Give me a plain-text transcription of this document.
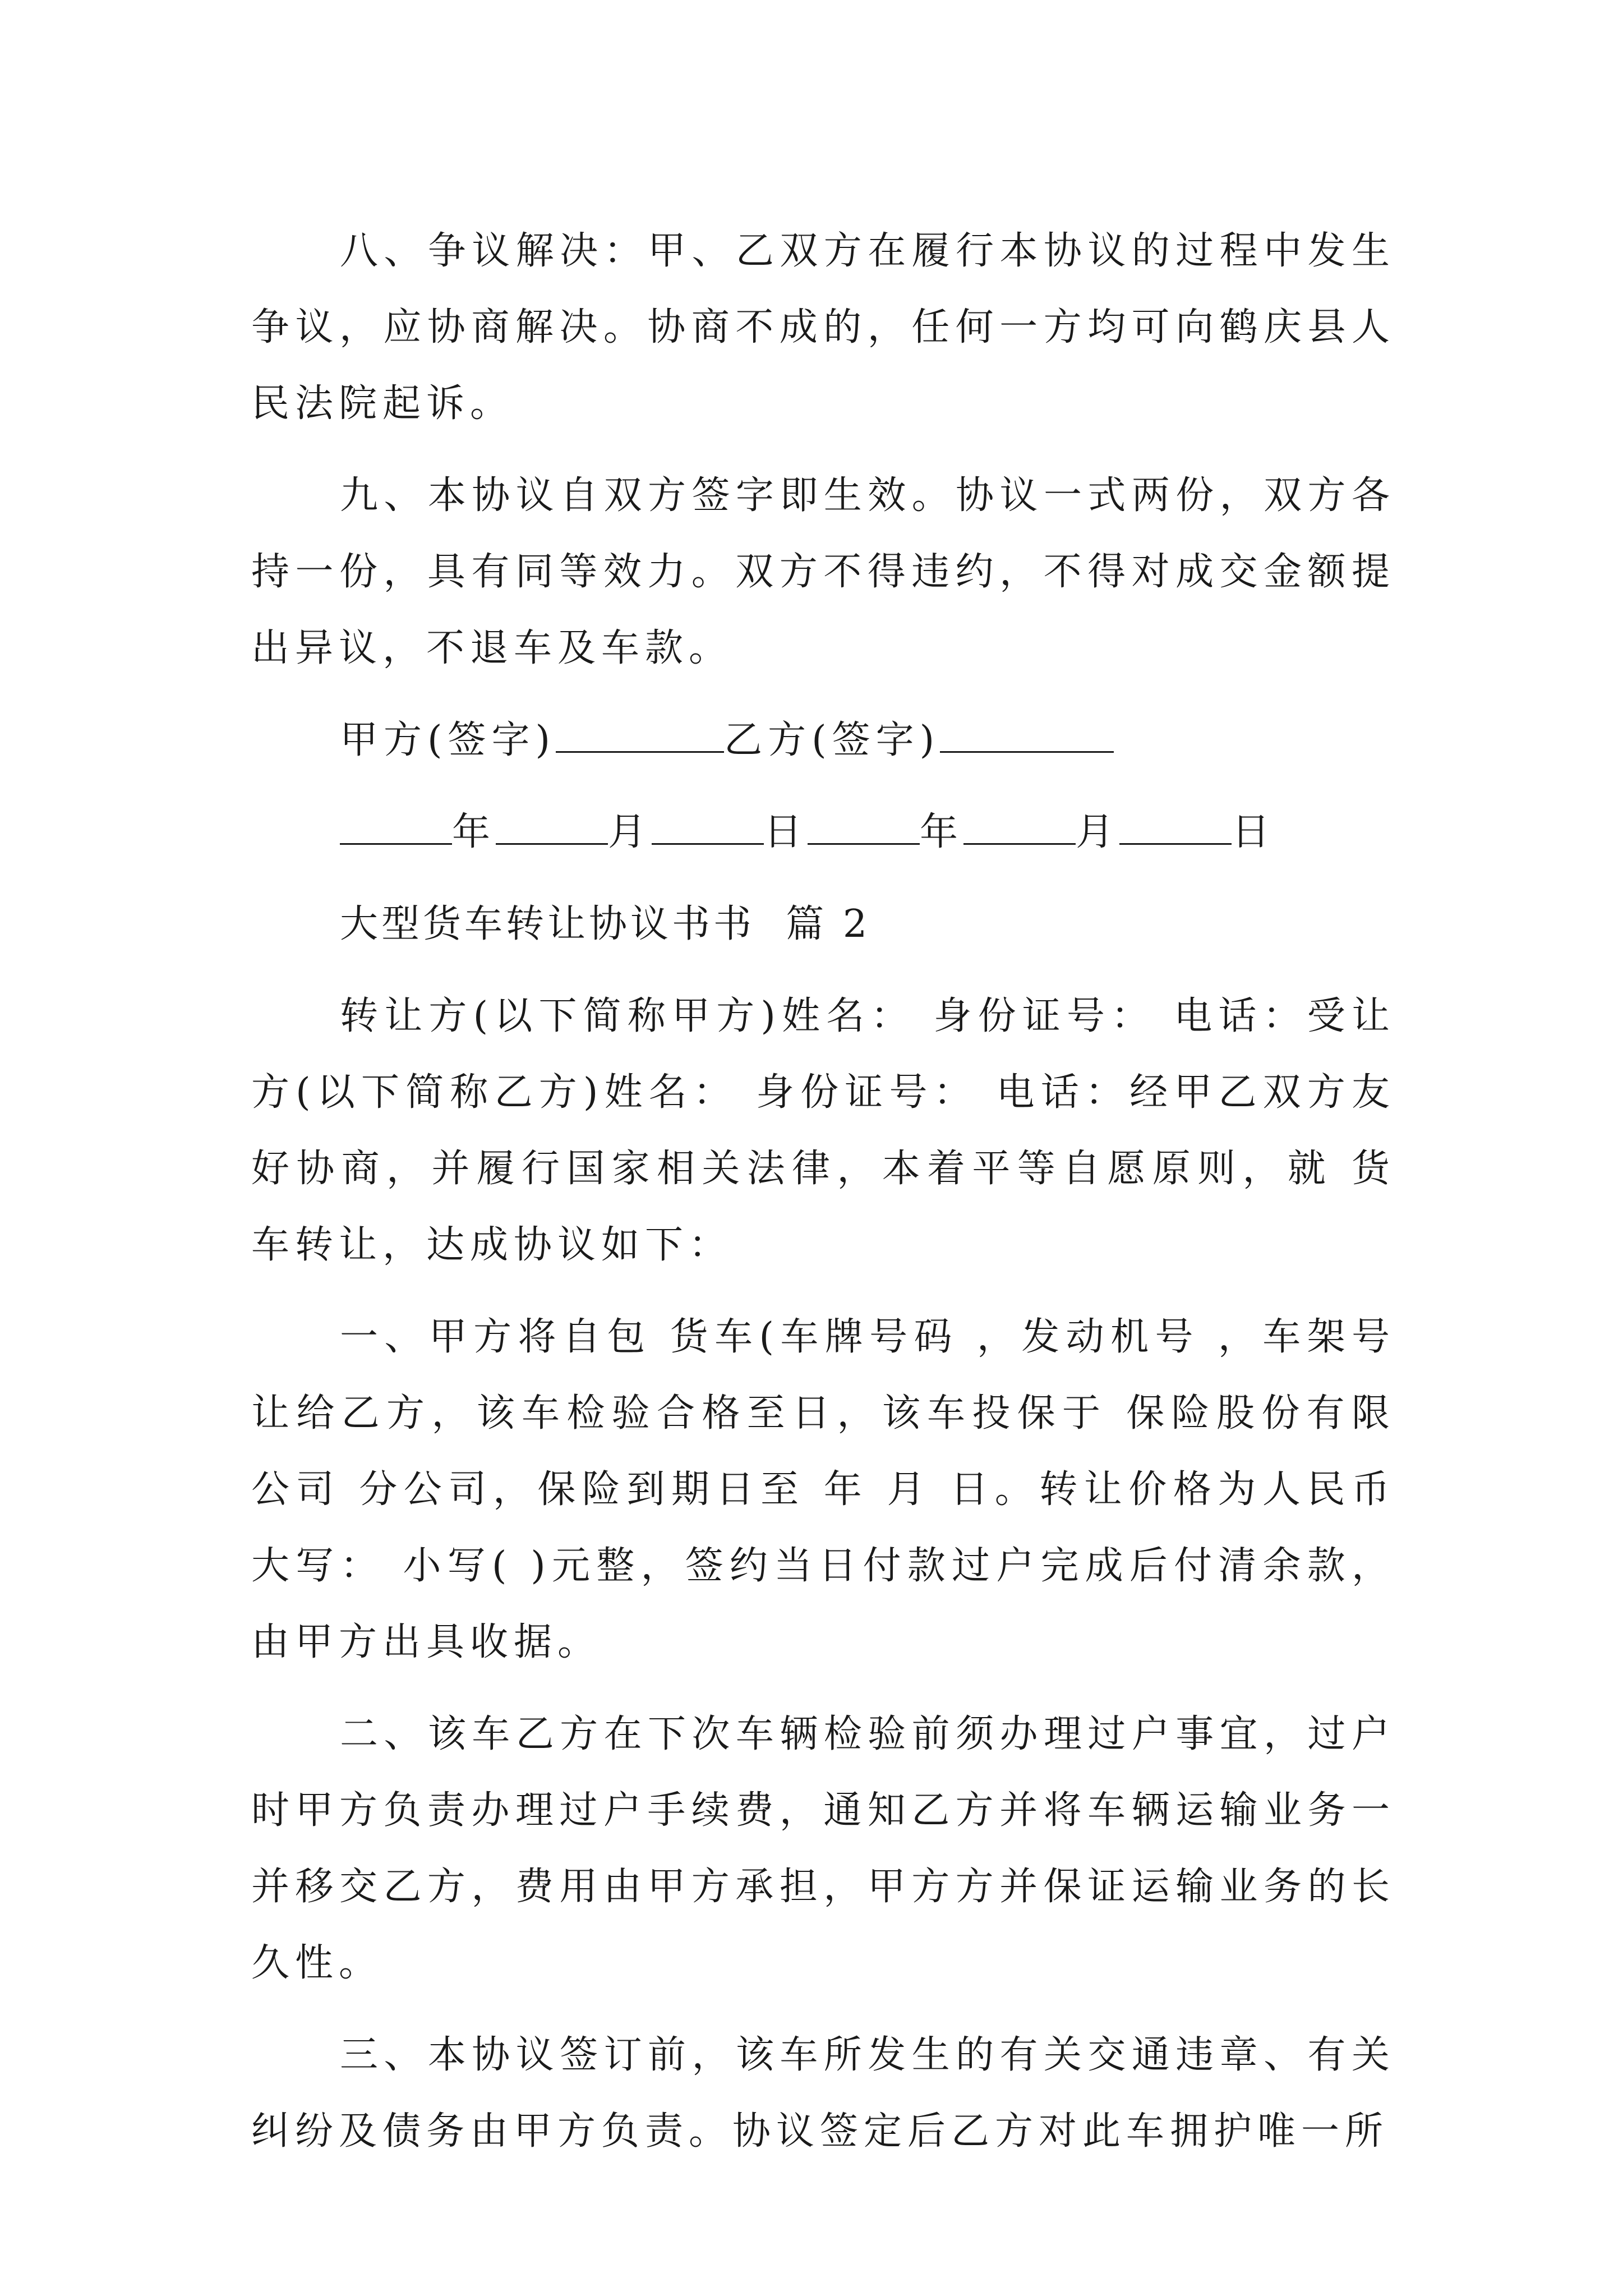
八、争议解决：甲、乙双方在履行本协议的过程中发生争议，应协商解决。协商不成的，任何一方均可向鹤庆县人民法院起诉。

九、本协议自双方签字即生效。协议一式两份，双方各持一份，具有同等效力。双方不得违约，不得对成交金额提出异议，不退车及车款。

甲方(签字)	乙方(签字)
年	月	日	年	月	日
大型货车转让协议书书  篇 2

转让方(以下简称甲方)姓名： 身份证号： 电话：受让方(以下简称乙方)姓名： 身份证号： 电话：经甲乙双方友好协商，并履行国家相关法律，本着平等自愿原则，就 货车转让，达成协议如下：

一、甲方将自包 货车(车牌号码 ，发动机号 ，车架号让给乙方，该车检验合格至日，该车投保于 保险股份有限公司 分公司，保险到期日至 年 月 日。转让价格为人民币大写： 小写( )元整，签约当日付款过户完成后付清余款，由甲方出具收据。

二、该车乙方在下次车辆检验前须办理过户事宜，过户时甲方负责办理过户手续费，通知乙方并将车辆运输业务一并移交乙方，费用由甲方承担，甲方方并保证运输业务的长久性。

三、本协议签订前，该车所发生的有关交通违章、有关纠纷及债务由甲方负责。协议签定后乙方对此车拥护唯一所
